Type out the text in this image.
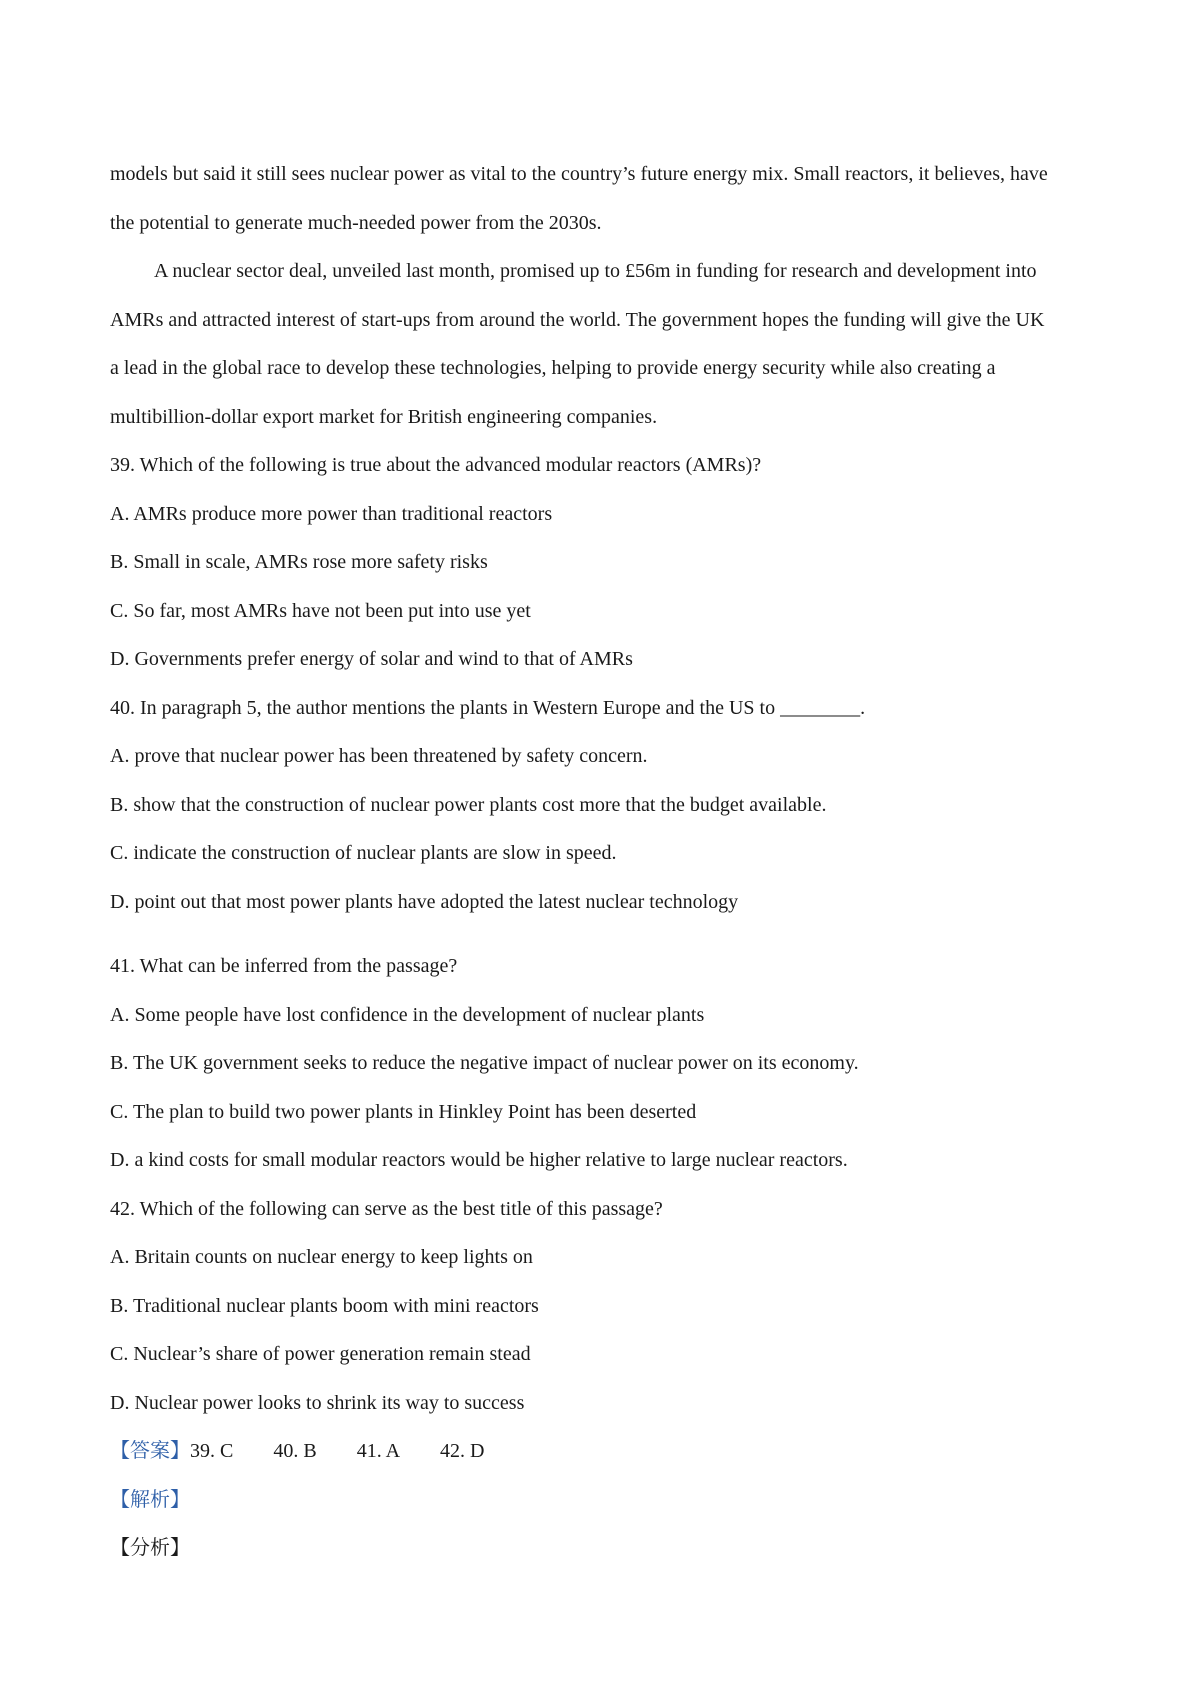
models but said it still sees nuclear power as vital to the country’s future energy mix. Small reactors, it believes, have

the potential to generate much-needed power from the 2030s.

A nuclear sector deal, unveiled last month, promised up to £56m in funding for research and development into

AMRs and attracted interest of start-ups from around the world. The government hopes the funding will give the UK

a lead in the global race to develop these technologies, helping to provide energy security while also creating a

multibillion-dollar export market for British engineering companies.

39. Which of the following is true about the advanced modular reactors (AMRs)?

A. AMRs produce more power than traditional reactors

B. Small in scale, AMRs rose more safety risks

C. So far, most AMRs have not been put into use yet

D. Governments prefer energy of solar and wind to that of AMRs

40. In paragraph 5, the author mentions the plants in Western Europe and the US to ________.

A. prove that nuclear power has been threatened by safety concern.

B. show that the construction of nuclear power plants cost more that the budget available.

C. indicate the construction of nuclear plants are slow in speed.

D. point out that most power plants have adopted the latest nuclear technology

41. What can be inferred from the passage?

A. Some people have lost confidence in the development of nuclear plants

B. The UK government seeks to reduce the negative impact of nuclear power on its economy.

C. The plan to build two power plants in Hinkley Point has been deserted

D. a kind costs for small modular reactors would be higher relative to large nuclear reactors.

42. Which of the following can serve as the best title of this passage?

A. Britain counts on nuclear energy to keep lights on

B. Traditional nuclear plants boom with mini reactors

C. Nuclear’s share of power generation remain stead

D. Nuclear power looks to shrink its way to success

【答案】39. C 40. B 41. A 42. D

【解析】

【分析】
